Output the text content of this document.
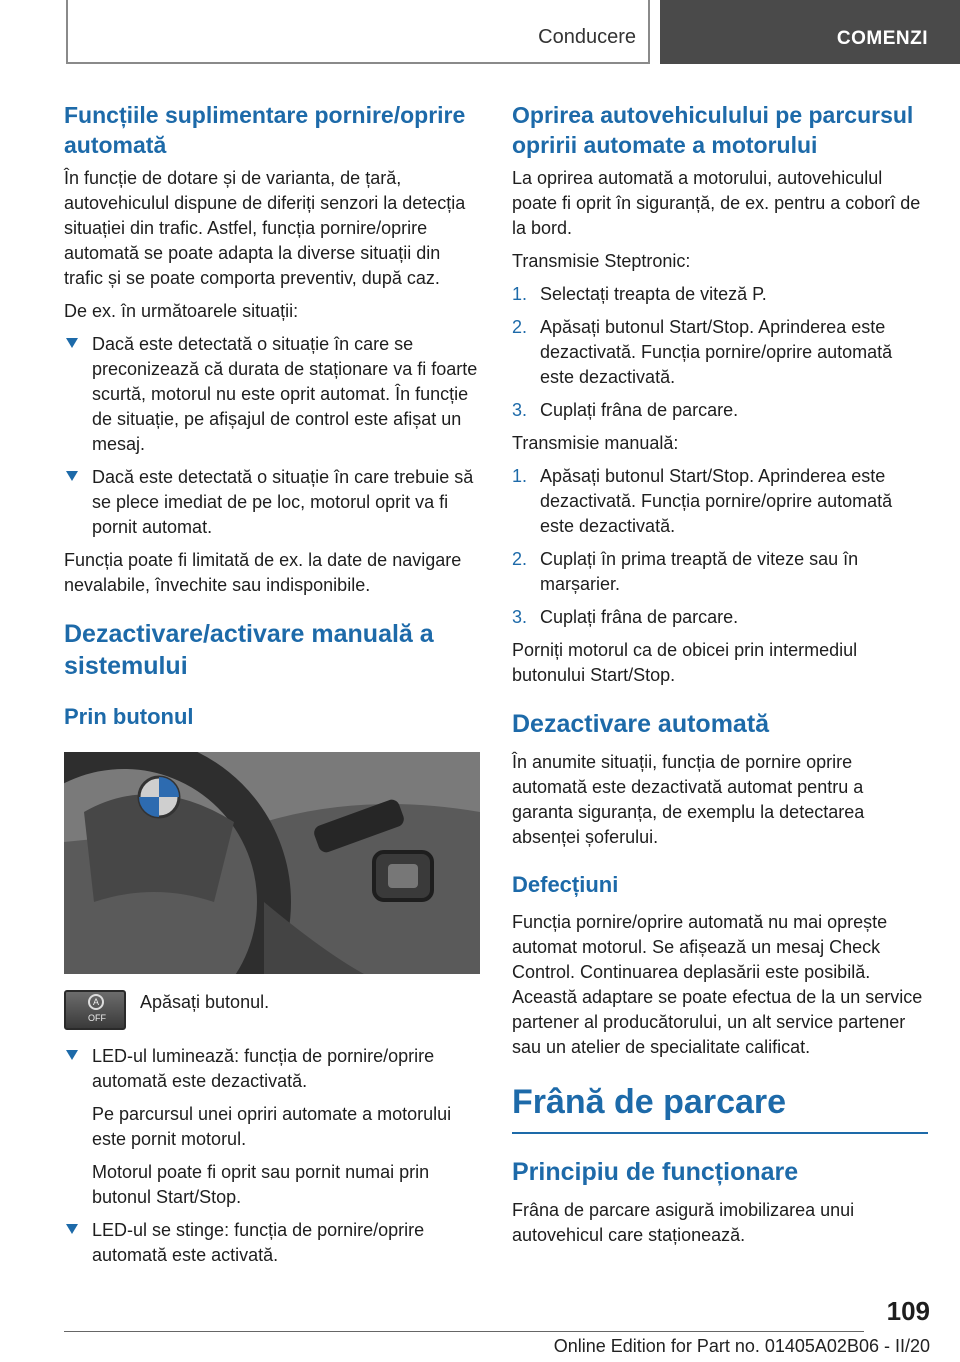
Conducere	COMENZI
Funcțiile suplimentare pornire/oprire automată

În funcție de dotare și de varianta, de țară, autovehiculul dispune de diferiți senzori la detecția situației din trafic. Astfel, funcția pornire/oprire automată se poate adapta la diverse situații din trafic și se poate comporta preventiv, după caz.

De ex. în următoarele situații:

Dacă este detectată o situație în care se preconizează că durata de staționare va fi foarte scurtă, motorul nu este oprit automat. În funcție de situație, pe afișajul de control este afișat un mesaj.
Dacă este detectată o situație în care trebuie să se plece imediat de pe loc, motorul oprit va fi pornit automat.

Funcția poate fi limitată de ex. la date de navigare nevalabile, învechite sau indisponibile.

Dezactivare/activare manuală a sistemului
Prin butonul
A
OFF

Apăsați butonul.

LED-ul luminează: funcția de pornire/oprire automată este dezactivată.

Pe parcursul unei opriri automate a motorului este pornit motorul.

Motorul poate fi oprit sau pornit numai prin butonul Start/Stop.

LED-ul se stinge: funcția de pornire/oprire automată este activată.
Oprirea autovehiculului pe parcursul opririi automate a motorului

La oprirea automată a motorului, autovehiculul poate fi oprit în siguranță, de ex. pentru a coborî de la bord.

Transmisie Steptronic:

1. Selectați treapta de viteză P.
2. Apăsați butonul Start/Stop. Aprinderea este dezactivată. Funcția pornire/oprire automată este dezactivată.
3. Cuplați frâna de parcare.

Transmisie manuală:

1. Apăsați butonul Start/Stop. Aprinderea este dezactivată. Funcția pornire/oprire automată este dezactivată.
2. Cuplați în prima treaptă de viteze sau în marșarier.
3. Cuplați frâna de parcare.

Porniți motorul ca de obicei prin intermediul butonului Start/Stop.

Dezactivare automată

În anumite situații, funcția de pornire oprire automată este dezactivată automat pentru a garanta siguranța, de exemplu la detectarea absenței șoferului.

Defecțiuni

Funcția pornire/oprire automată nu mai oprește automat motorul. Se afișează un mesaj Check Control. Continuarea deplasării este posibilă. Această adaptare se poate efectua de la un service partener al producătorului, un alt service partener sau un atelier de specialitate calificat.

Frână de parcare
Principiu de funcționare

Frâna de parcare asigură imobilizarea unui autovehicul care staționează.

109
Online Edition for Part no. 01405A02B06 - II/20
